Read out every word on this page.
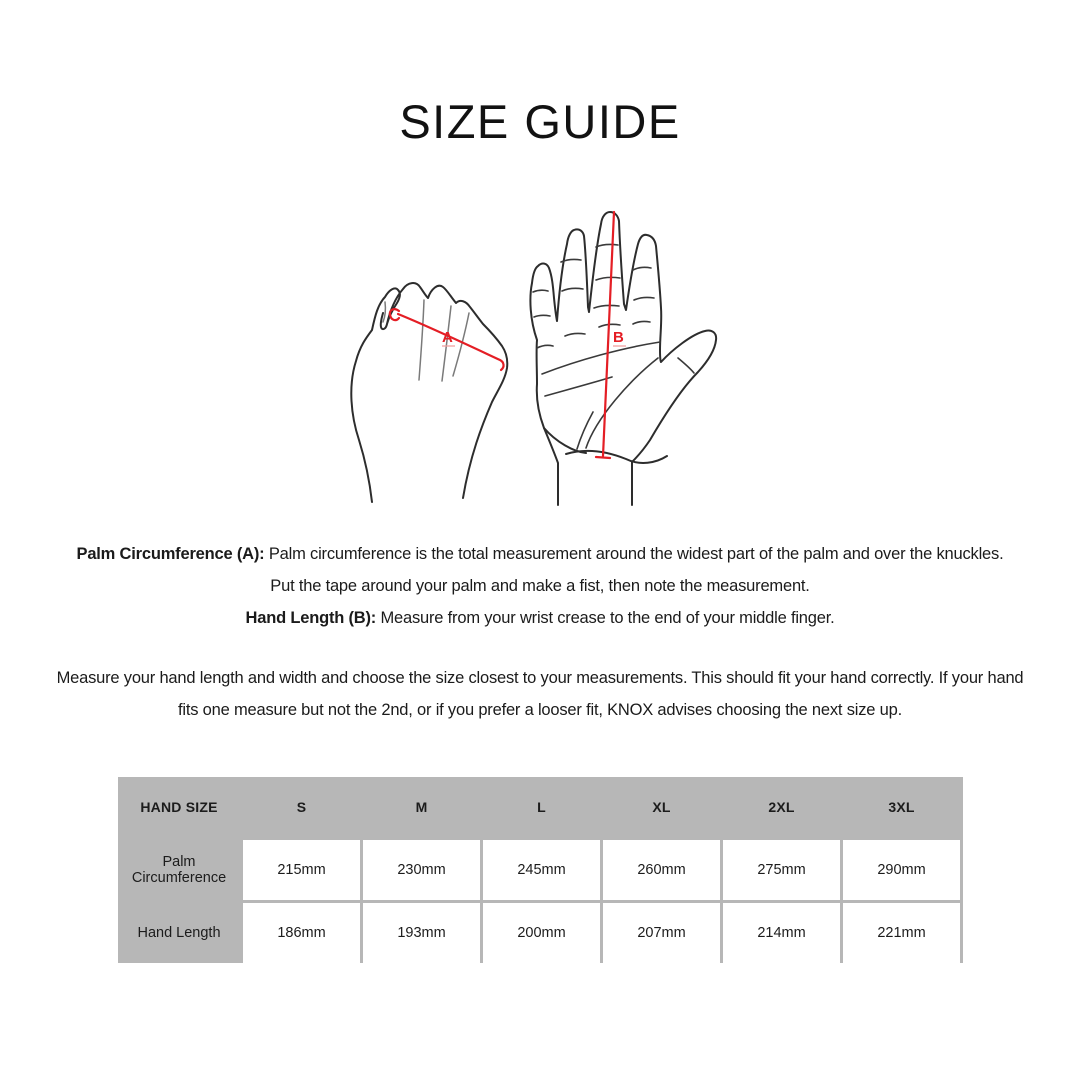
SIZE GUIDE
A	B
Palm Circumference (A): Palm circumference is the total measurement around the widest part of the palm and over the knuckles.
Put the tape around your palm and make a fist, then note the measurement.
Hand Length (B): Measure from your wrist crease to the end of your middle finger.
Measure your hand length and width and choose the size closest to your measurements. This should fit your hand correctly. If your hand
fits one measure but not the 2nd, or if you prefer a looser fit, KNOX advises choosing the next size up.
HAND SIZE	S	M	L	XL	2XL	3XL
Palm Circumference	215mm	230mm	245mm	260mm	275mm	290mm
Hand Length	186mm	193mm	200mm	207mm	214mm	221mm
